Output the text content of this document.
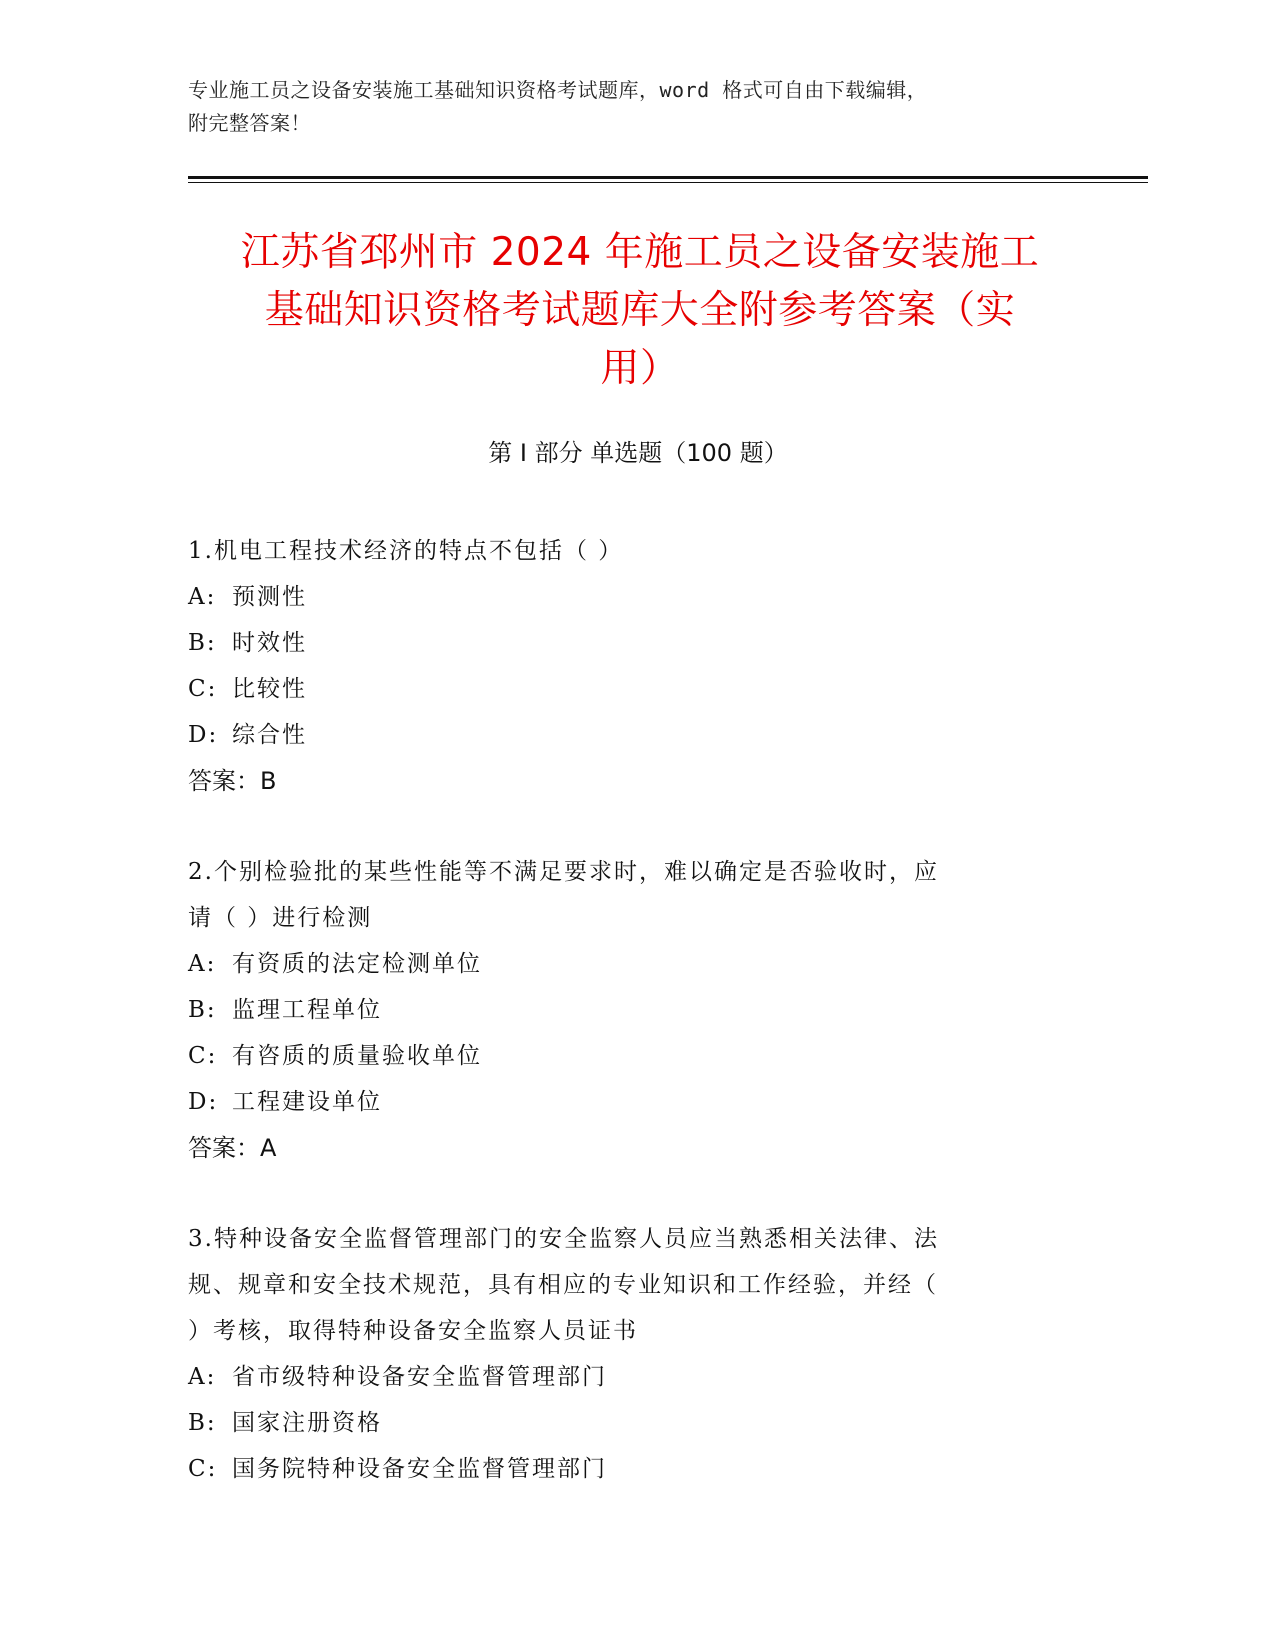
专业施工员之设备安装施工基础知识资格考试题库，word 格式可自由下载编辑，
附完整答案！
江苏省邳州市 2024 年施工员之设备安装施工
基础知识资格考试题库大全附参考答案（实
用）
第 I 部分 单选题（100 题）
1.机电工程技术经济的特点不包括（ ）
A: 预测性
B: 时效性
C: 比较性
D: 综合性
答案：B
2.个别检验批的某些性能等不满足要求时，难以确定是否验收时，应
请（ ）进行检测
A: 有资质的法定检测单位
B: 监理工程单位
C: 有咨质的质量验收单位
D: 工程建设单位
答案：A
3.特种设备安全监督管理部门的安全监察人员应当熟悉相关法律、法
规、规章和安全技术规范，具有相应的专业知识和工作经验，并经（
）考核，取得特种设备安全监察人员证书
A: 省市级特种设备安全监督管理部门
B: 国家注册资格
C: 国务院特种设备安全监督管理部门
